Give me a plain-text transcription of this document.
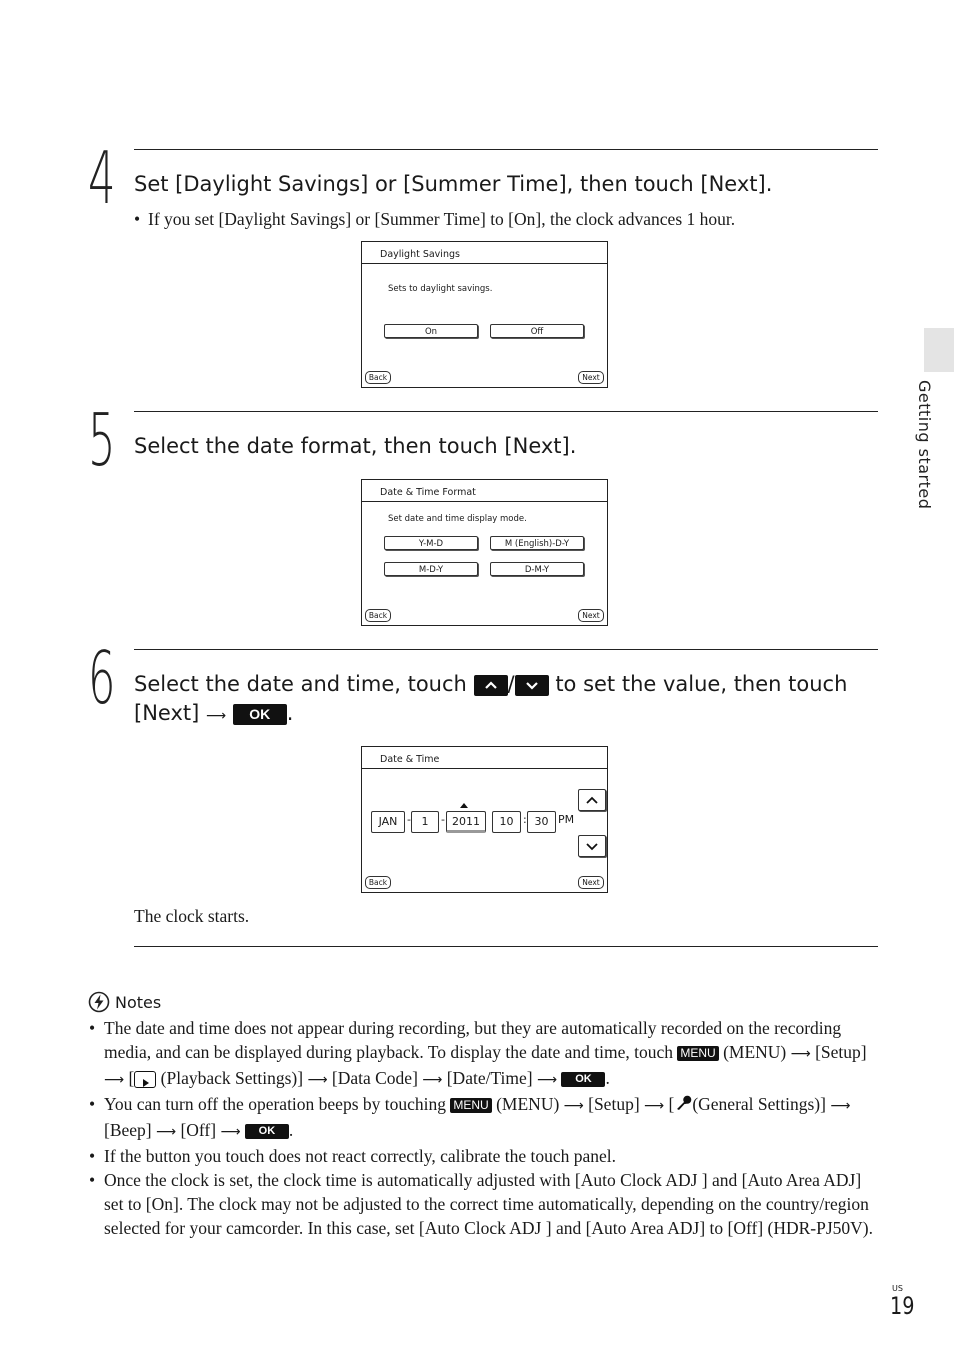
Getting started
4 Set [Daylight Savings] or [Summer Time], then touch [Next].
• If you set [Daylight Savings] or [Summer Time] to [On], the clock advances 1 hour.
Daylight Savings
Sets to daylight savings.
On	Off
Back	Next
5 Select the date format, then touch [Next].
Date & Time Format
Set date and time display mode.
Y-M-D	M (English)-D-Y
M-D-Y	D-M-Y
Back	Next
6 Select the date and time, touch / to set the value, then touch
[Next] ⟶ OK .
Date & Time
JAN - 1	- 2011	10 : 30 PM
Back	Next
The clock starts.
Notes
• The date and time does not appear during recording, but they are automatically recorded on the recording media, and can be displayed during playback. To display the date and time, touch MENU (MENU) ⟶ [Setup] ⟶ [ (Playback Settings)] ⟶ [Data Code] ⟶ [Date/Time] ⟶ OK .
• You can turn off the operation beeps by touching MENU (MENU) ⟶ [Setup] ⟶ [ (General Settings)] ⟶ [Beep] ⟶ [Off] ⟶ OK .
• If the button you touch does not react correctly, calibrate the touch panel.
• Once the clock is set, the clock time is automatically adjusted with [Auto Clock ADJ ] and [Auto Area ADJ] set to [On]. The clock may not be adjusted to the correct time automatically, depending on the country/region selected for your camcorder. In this case, set [Auto Clock ADJ ] and [Auto Area ADJ] to [Off] (HDR-PJ50V).
US
19
